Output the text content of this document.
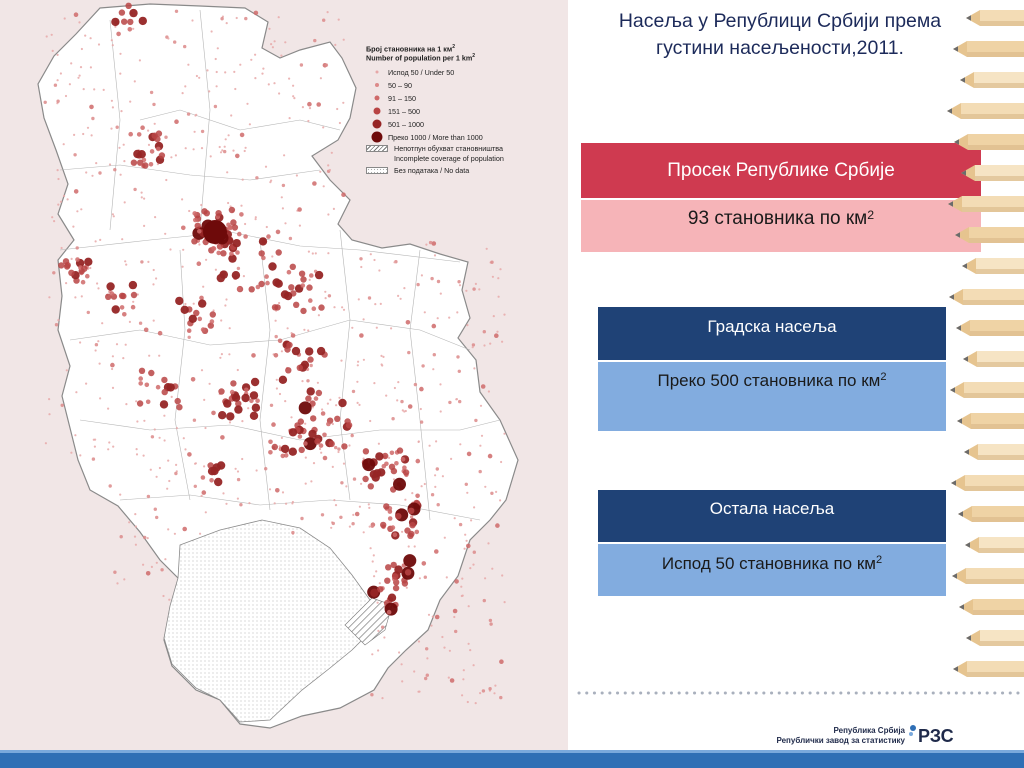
Број становника на 1 $км^2$
Number of population per 1 $km^2$
Испод 50 / Under 50
50 – 90
91 – 150
151 – 500
501 – 1000
Преко 1000 / More than 1000
Непотпун обухват становништва
Incomplete coverage of population
Без података / No data
Насеља у Републици Србији према густини насељености,2011.
Просек Републике Србије
93 становника по $км^2$
Градска насеља
Преко 500 становника по $км^2$
Остала насеља
Испод 50 становника по $км^2$
Република Србија
Републички завод за статистику РЗС
